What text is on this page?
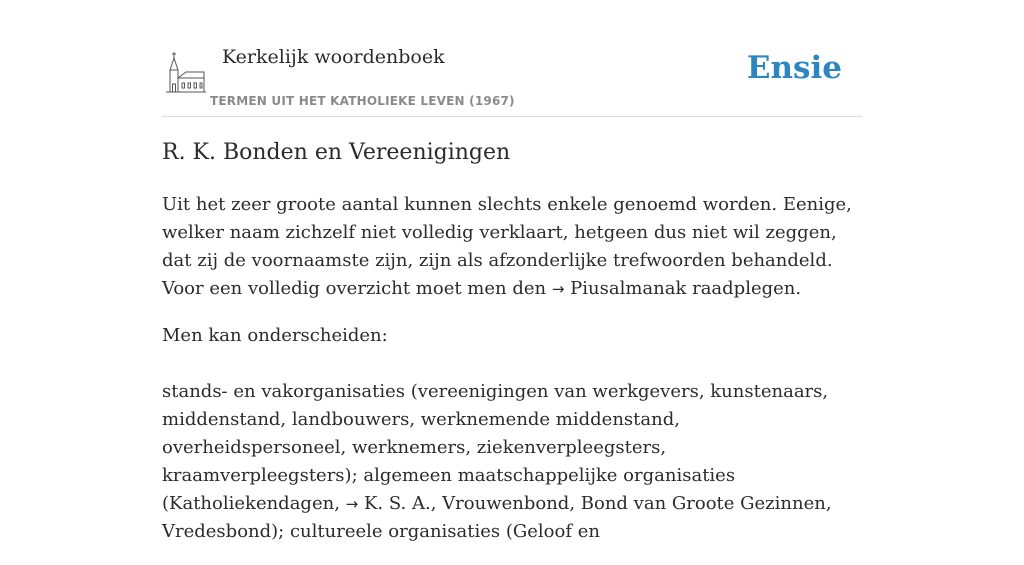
Kerkelijk woordenboek
TERMEN UIT HET KATHOLIEKE LEVEN (1967)
Ensie
R. K. Bonden en Vereenigingen

Uit het zeer groote aantal kunnen slechts enkele genoemd worden. Eenige, welker naam zichzelf niet volledig verklaart, hetgeen dus niet wil zeggen, dat zij de voornaamste zijn, zijn als afzonderlijke trefwoorden behandeld. Voor een volledig overzicht moet men den → Piusalmanak raadplegen.

Men kan onderscheiden:

stands- en vakorganisaties (vereenigingen van werkgevers, kunstenaars, middenstand, landbouwers, werknemende middenstand, overheidspersoneel, werknemers, ziekenverpleegsters, kraamverpleegsters); algemeen maatschappelijke organisaties (Katholiekendagen, → K. S. A., Vrouwenbond, Bond van Groote Gezinnen, Vredesbond); cultureele organisaties (Geloof en
